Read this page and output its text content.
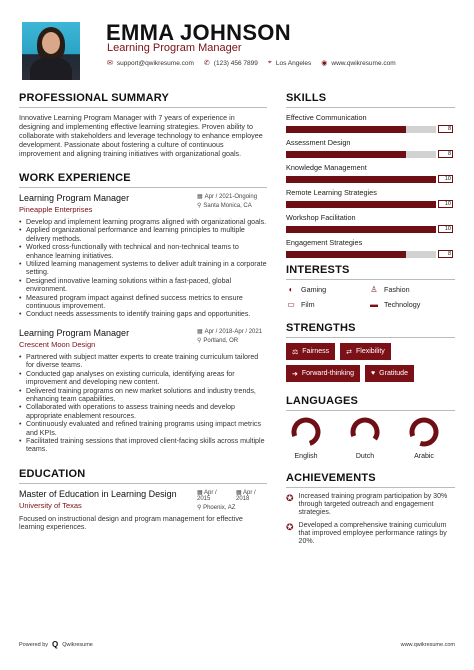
EMMA JOHNSON
Learning Program Manager
✉ support@qwikresume.com ✆ (123) 456 7899 ⌖ Los Angeles ◉ www.qwikresume.com
PROFESSIONAL SUMMARY

Innovative Learning Program Manager with 7 years of experience in designing and implementing effective learning strategies. Proven ability to collaborate with stakeholders and leverage technology to enhance employee development. Passionate about fostering a culture of continuous improvement and aligning training initiatives with organizational goals.

WORK EXPERIENCE
Learning Program Manager
Pineapple Enterprises
▦ Apr / 2021-Ongoing
⚲ Santa Monica, CA
• Develop and implement learning programs aligned with organizational goals.
• Applied organizational performance and learning principles to multiple delivery methods.
• Worked cross-functionally with technical and non-technical teams to enhance learning initiatives.
• Utilized learning management systems to deliver adult training in a corporate setting.
• Designed innovative learning solutions within a fast-paced, global environment.
• Measured program impact against defined success metrics to ensure continuous improvement.
• Conduct needs assessments to identify training gaps and opportunities.
Learning Program Manager
Crescent Moon Design
▦ Apr / 2018-Apr / 2021
⚲ Portland, OR
• Partnered with subject matter experts to create training curriculum tailored for diverse teams.
• Conducted gap analyses on existing curricula, identifying areas for improvement and developing new content.
• Delivered training programs on new market solutions and industry trends, enhancing team capabilities.
• Collaborated with operations to assess training needs and develop appropriate enablement resources.
• Continuously evaluated and refined training programs using impact metrics and KPIs.
• Facilitated training sessions that improved client-facing skills across multiple teams.
EDUCATION
Master of Education in Learning Design
University of Texas
▦ Apr / 2015
▦ Apr / 2018
⚲ Phoenix, AZ

Focused on instructional design and program management for effective learning experiences.

SKILLS
Effective Communication
8
Assessment Design
8
Knowledge Management
10
Remote Learning Strategies
10
Workshop Facilitation
10
Engagement Strategies
8
INTERESTS
◐	Gaming	♙ Fashion
▭ Film	▬ Technology
STRENGTHS
⚖ Fairness ⇄ Flexibility
➜ Forward-thinking ♥ Gratitude
LANGUAGES
English	Dutch	Arabic
ACHIEVEMENTS
✪ Increased training program participation by 30% through targeted outreach and engagement strategies.
✪ Developed a comprehensive training curriculum that improved employee performance ratings by 20%.
Powered by Q Qwikresume	www.qwikresume.com
